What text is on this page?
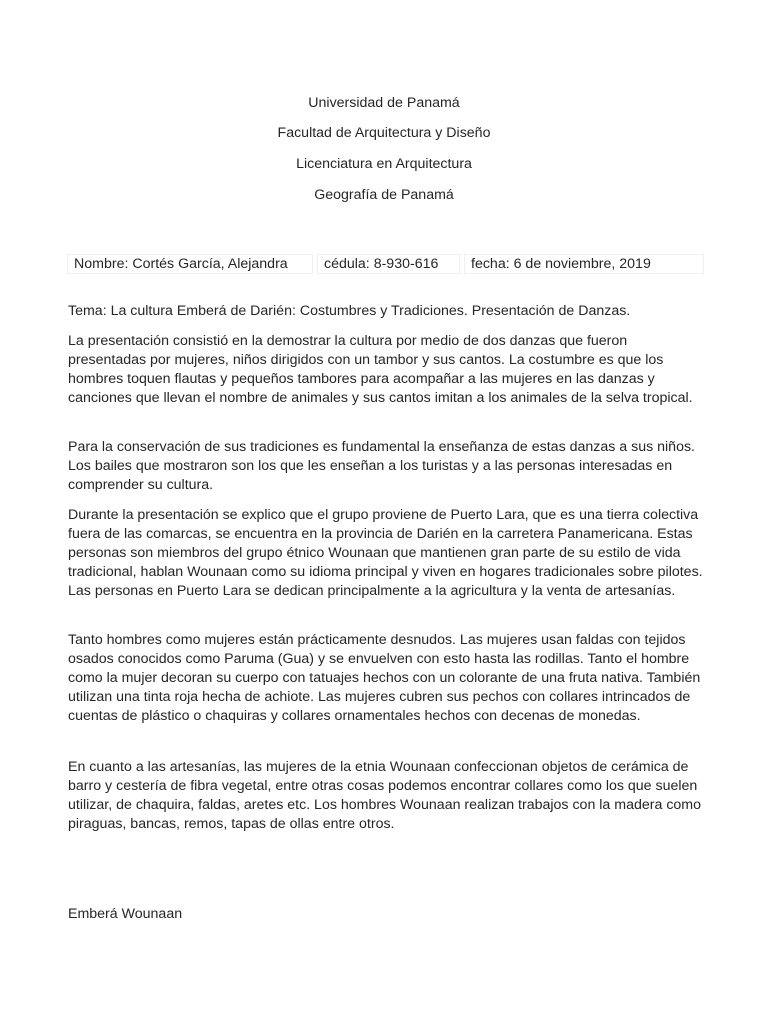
Universidad de Panamá
Facultad de Arquitectura y Diseño
Licenciatura en Arquitectura
Geografía de Panamá
Nombre: Cortés García, Alejandra	cédula: 8-930-616	fecha: 6 de noviembre, 2019

Tema: La cultura Emberá de Darién: Costumbres y Tradiciones. Presentación de Danzas.

La presentación consistió en la demostrar la cultura por medio de dos danzas que fueron presentadas por mujeres, niños dirigidos con un tambor y sus cantos. La costumbre es que los hombres toquen flautas y pequeños tambores para acompañar a las mujeres en las danzas y canciones que llevan el nombre de animales y sus cantos imitan a los animales de la selva tropical.

Para la conservación de sus tradiciones es fundamental la enseñanza de estas danzas a sus niños. Los bailes que mostraron son los que les enseñan a los turistas y a las personas interesadas en comprender su cultura.

Durante la presentación se explico que el grupo proviene de Puerto Lara, que es una tierra colectiva fuera de las comarcas, se encuentra en la provincia de Darién en la carretera Panamericana. Estas personas son miembros del grupo étnico Wounaan que mantienen gran parte de su estilo de vida tradicional, hablan Wounaan como su idioma principal y viven en hogares tradicionales sobre pilotes. Las personas en Puerto Lara se dedican principalmente a la agricultura y la venta de artesanías.

Tanto hombres como mujeres están prácticamente desnudos. Las mujeres usan faldas con tejidos osados conocidos como Paruma (Gua) y se envuelven con esto hasta las rodillas. Tanto el hombre como la mujer decoran su cuerpo con tatuajes hechos con un colorante de una fruta nativa. También utilizan una tinta roja hecha de achiote. Las mujeres cubren sus pechos con collares intrincados de cuentas de plástico o chaquiras y collares ornamentales hechos con decenas de monedas.

En cuanto a las artesanías, las mujeres de la etnia Wounaan confeccionan objetos de cerámica de barro y cestería de fibra vegetal, entre otras cosas podemos encontrar collares como los que suelen utilizar, de chaquira, faldas, aretes etc. Los hombres Wounaan realizan trabajos con la madera como piraguas, bancas, remos, tapas de ollas entre otros.

Emberá Wounaan
